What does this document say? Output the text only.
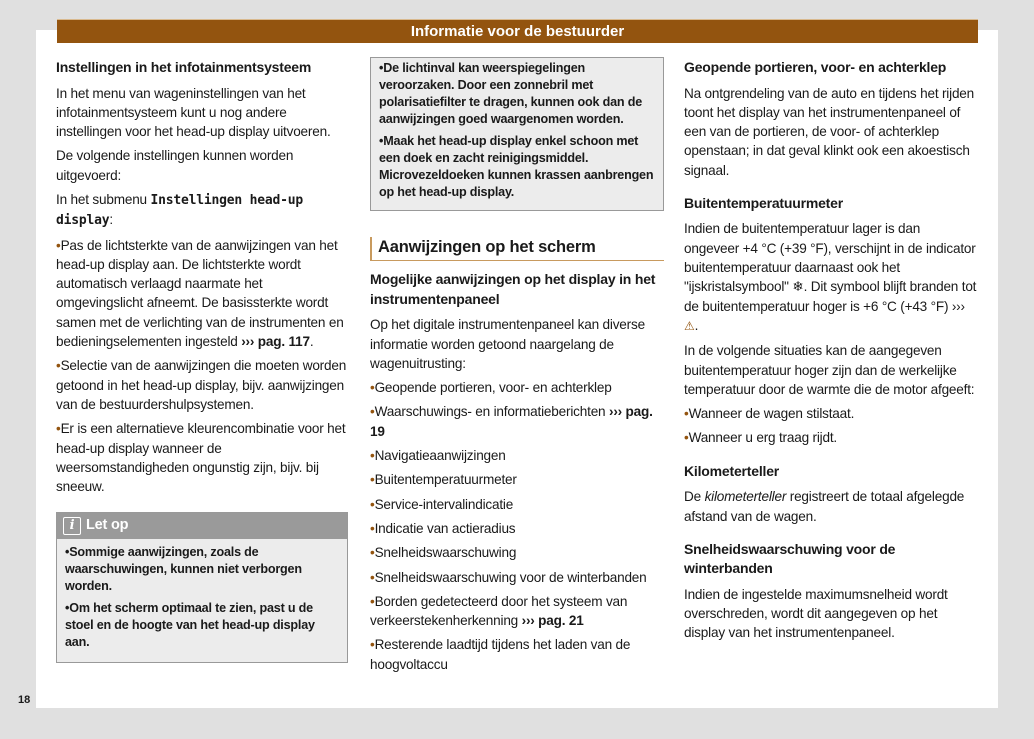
Informatie voor de bestuurder
Instellingen in het infotainmentsysteem

In het menu van wageninstellingen van het infotainmentsysteem kunt u nog andere instellingen voor het head-up display uitvoeren.

De volgende instellingen kunnen worden uitgevoerd:

In het submenu Instellingen head-up display:

• Pas de lichtsterkte van de aanwijzingen van het head-up display aan. De lichtsterkte wordt automatisch verlaagd naarmate het omgevingslicht afneemt. De basissterkte wordt samen met de verlichting van de instrumenten en bedieningselementen ingesteld ››› pag. 117.

• Selectie van de aanwijzingen die moeten worden getoond in het head-up display, bijv. aanwijzingen van de bestuurdershulpsystemen.

• Er is een alternatieve kleurencombinatie voor het head-up display wanneer de weersomstandigheden ongunstig zijn, bijv. bij sneeuw.

i Let op

• Sommige aanwijzingen, zoals de waarschuwingen, kunnen niet verborgen worden.

• Om het scherm optimaal te zien, past u de stoel en de hoogte van het head-up display aan.

• De lichtinval kan weerspiegelingen veroorzaken. Door een zonnebril met polarisatiefilter te dragen, kunnen ook dan de aanwijzingen goed waargenomen worden.

• Maak het head-up display enkel schoon met een doek en zacht reinigingsmiddel. Microvezeldoeken kunnen krassen aanbrengen op het head-up display.

Aanwijzingen op het scherm
Mogelijke aanwijzingen op het display in het instrumentenpaneel

Op het digitale instrumentenpaneel kan diverse informatie worden getoond naargelang de wagenuitrusting:

• Geopende portieren, voor- en achterklep

• Waarschuwings- en informatieberichten ››› pag. 19

• Navigatieaanwijzingen

• Buitentemperatuurmeter

• Service-intervalindicatie

• Indicatie van actieradius

• Snelheidswaarschuwing

• Snelheidswaarschuwing voor de winterbanden

• Borden gedetecteerd door het systeem van verkeerstekenherkenning ››› pag. 21

• Resterende laadtijd tijdens het laden van de hoogvoltaccu

Geopende portieren, voor- en achterklep

Na ontgrendeling van de auto en tijdens het rijden toont het display van het instrumentenpaneel of een van de portieren, de voor- of achterklep openstaan; in dat geval klinkt ook een akoestisch signaal.

Buitentemperatuurmeter

Indien de buitentemperatuur lager is dan ongeveer +4 °C (+39 °F), verschijnt in de indicator buitentemperatuur daarnaast ook het "ijskristalsymbool" ❄. Dit symbool blijft branden tot de buitentemperatuur hoger is +6 °C (+43 °F) ››› ⚠.

In de volgende situaties kan de aangegeven buitentemperatuur hoger zijn dan de werkelijke temperatuur door de warmte die de motor afgeeft:

• Wanneer de wagen stilstaat.

• Wanneer u erg traag rijdt.

Kilometerteller

De kilometerteller registreert de totaal afgelegde afstand van de wagen.

Snelheidswaarschuwing voor de winterbanden

Indien de ingestelde maximumsnelheid wordt overschreden, wordt dit aangegeven op het display van het instrumentenpaneel.

18
